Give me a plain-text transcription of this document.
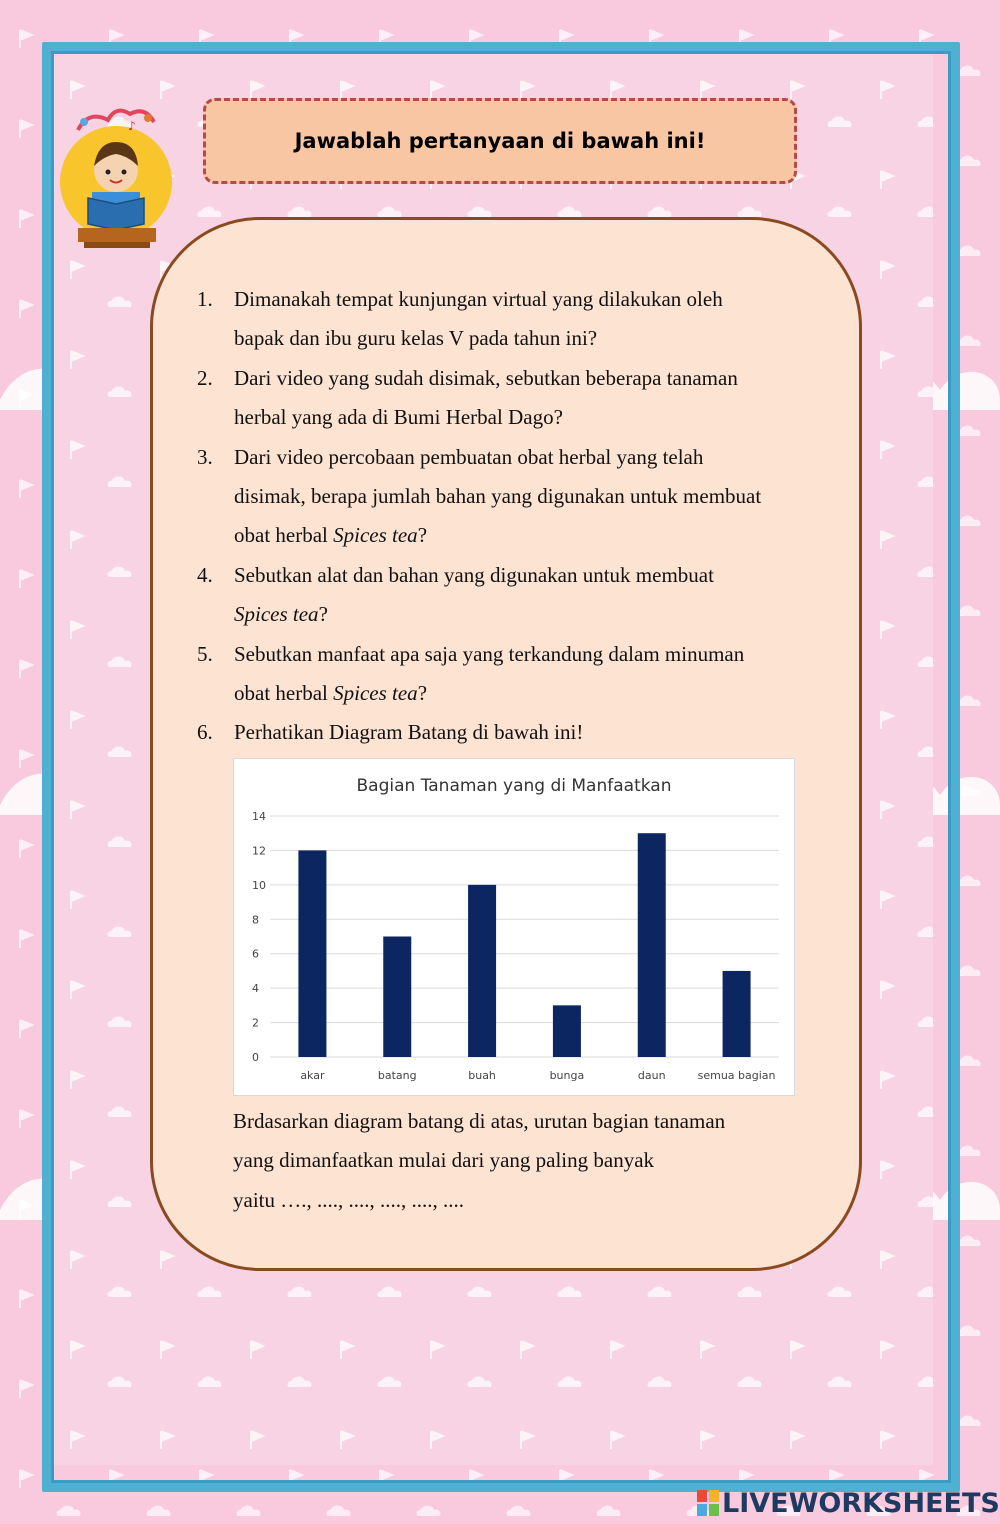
♪
Jawablah pertanyaan di bawah ini!
1.	Dimanakah tempat kunjungan virtual yang dilakukan oleh
bapak dan ibu guru kelas V pada tahun ini?
2.	Dari video yang sudah disimak, sebutkan beberapa tanaman
herbal yang ada di Bumi Herbal Dago?
3.	Dari video percobaan pembuatan obat herbal yang telah
disimak, berapa jumlah bahan yang digunakan untuk membuat
obat herbal Spices tea?
4.	Sebutkan alat dan bahan yang digunakan untuk membuat
Spices tea?
5.	Sebutkan manfaat apa saja yang terkandung dalam minuman
obat herbal Spices tea?
6.	Perhatikan Diagram Batang di bawah ini!
Bagian Tanaman yang di Manfaatkan
0
2
4
6
8
10
12
14
akar	batang	buah	bunga	daun	semua bagian
Brdasarkan diagram batang di atas, urutan bagian tanaman
yang dimanfaatkan mulai dari yang paling banyak
yaitu …., ...., ...., ...., ...., ....
LIVEWORKSHEETS
